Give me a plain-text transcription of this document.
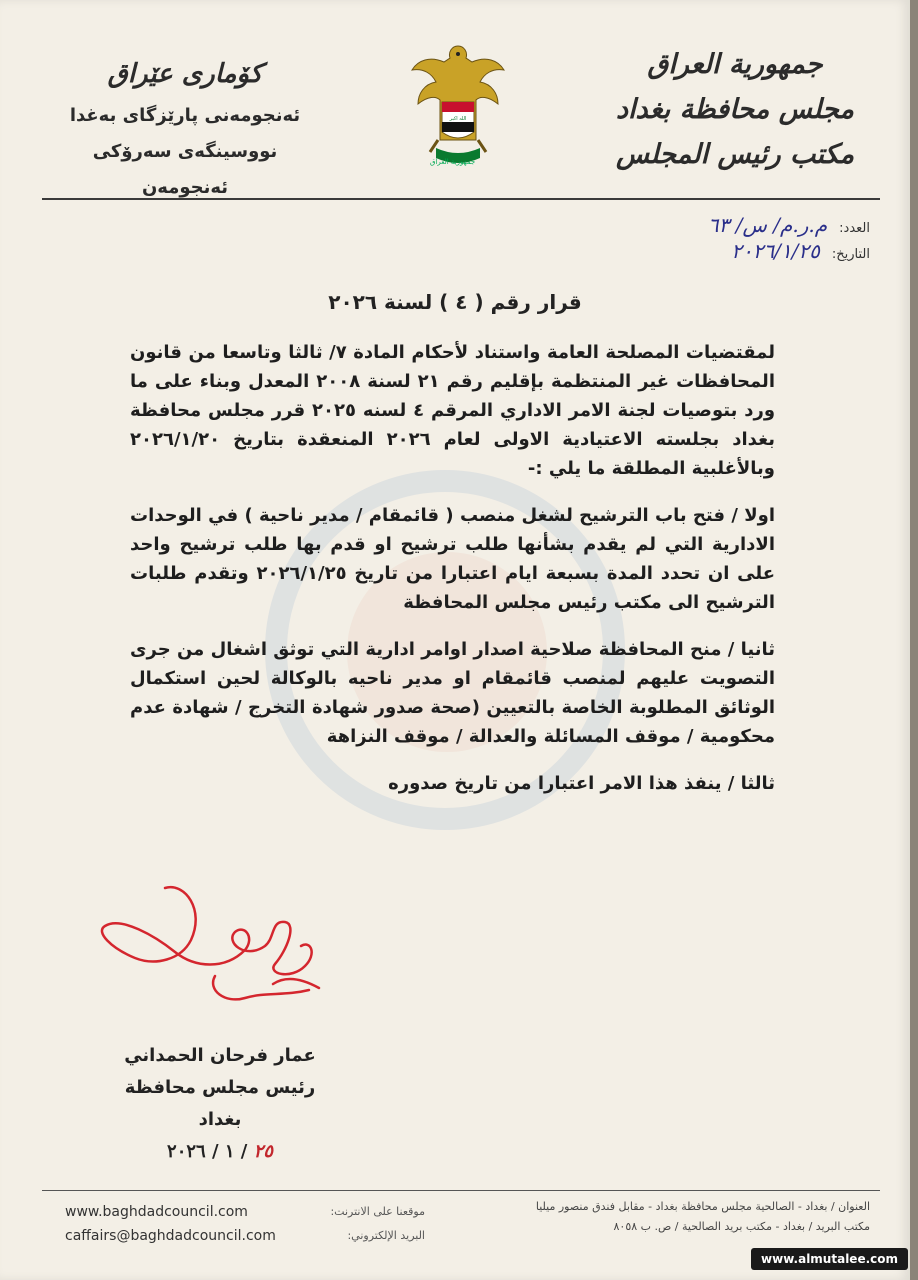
كۆماری عێراق
ئەنجومەنی پارێزگای بەغدا
نووسینگەی سەرۆکی ئەنجومەن
الله اكبر
جمهورية العراق
جمهورية العراق
مجلس محافظة بغداد
مكتب رئيس المجلس
العدد:م.ر.م/ س/ ٦٣
التاريخ:٢٠٢٦/١/٢٥
قرار رقم ( ٤ ) لسنة ٢٠٢٦

لمقتضيات المصلحة العامة واستناد لأحكام المادة ٧/ ثالثا وتاسعا من قانون المحافظات غير المنتظمة بإقليم رقم ٢١ لسنة ٢٠٠٨ المعدل وبناء على ما ورد بتوصيات لجنة الامر الاداري المرقم ٤ لسنه ٢٠٢٥ قرر مجلس محافظة بغداد بجلسته الاعتيادية الاولى لعام ٢٠٢٦ المنعقدة بتاريخ ٢٠٢٦/١/٢٠ وبالأغلبية المطلقة ما يلي :-

اولا / فتح باب الترشيح لشغل منصب ( قائمقام / مدير ناحية ) في الوحدات الادارية التي لم يقدم بشأنها طلب ترشيح او قدم بها طلب ترشيح واحد على ان تحدد المدة بسبعة ايام اعتبارا من تاريخ ٢٠٢٦/١/٢٥ وتقدم طلبات الترشيح الى مكتب رئيس مجلس المحافظة

ثانيا / منح المحافظة صلاحية اصدار اوامر ادارية التي توثق اشغال من جرى التصويت عليهم لمنصب قائمقام او مدير ناحيه بالوكالة لحين استكمال الوثائق المطلوبة الخاصة بالتعيين (صحة صدور شهادة التخرج / شهادة عدم محكومية / موقف المسائلة والعدالة / موقف النزاهة

ثالثا / ينفذ هذا الامر اعتبارا من تاريخ صدوره

عمار فرحان الحمداني
رئيس مجلس محافظة بغداد
٢٥ / ١ / ٢٠٢٦
www.baghdadcouncil.com	موقعنا على الانترنت:
caffairs@baghdadcouncil.com	البريد الإلكتروني:
العنوان / بغداد - الصالحية مجلس محافظة بغداد - مقابل فندق منصور ميليا
مكتب البريد / بغداد - مكتب بريد الصالحية / ص. ب ٨٠٥٨
www.almutalee.com
